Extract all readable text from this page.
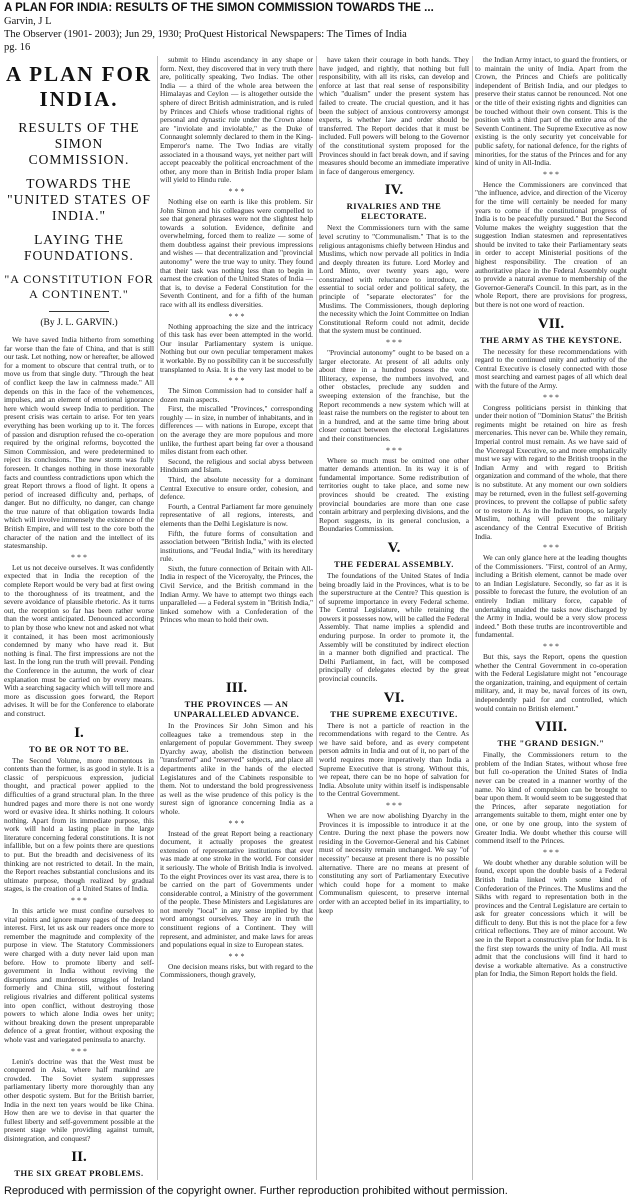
A PLAN FOR INDIA: RESULTS OF THE SIMON COMMISSION TOWARDS THE ...
Garvin, J L
The Observer (1901- 2003); Jun 29, 1930; ProQuest Historical Newspapers: The Times of India
pg. 16
A PLAN FOR INDIA.
RESULTS OF THE SIMON COMMISSION.
TOWARDS THE "UNITED STATES OF INDIA."
LAYING THE FOUNDATIONS.
"A CONSTITUTION FOR A CONTINENT."
(By J. L. GARVIN.)

We have saved India hitherto from something far worse than the fate of China, and that is still our task. Let nothing, now or hereafter, be allowed for a moment to obscure that central truth, or to move us from that single duty. "Through the heat of conflict keep the law in calmness made." All depends on this in the face of the vehemences, impulses, and an element of emotional ignorance here which would sweep India to perdition. The present crisis was certain to arise. For ten years everything has been working up to it. The forces of passion and disruption refused the co-operation required by the original reforms, boycotted the Simon Commission, and were predetermined to reject its conclusions. The new storm was fully foreseen. It changes nothing in those inexorable facts and countless contradictions upon which the great Report throws a flood of light. It opens a period of increased difficulty and, perhaps, of danger. But no difficulty, no danger, can change the true nature of that obligation towards India which will involve immensely the existence of the British Empire, and will test to the core both the character of the nation and the intellect of its statesmanship.

* * *

Let us not deceive ourselves. It was confidently expected that in India the reception of the complete Report would be very bad at first owing to the thoroughness of its treatment, and the severe avoidance of plausible rhetoric. As it turns out, the reception so far has been rather worse than the worst anticipated. Denounced according to plan by those who knew not and asked not what it contained, it has been most acrimoniously condemned by many who have read it. But nothing is final. The first impressions are not the last. In the long run the truth will prevail. Pending the Conference in the autumn, the work of clear explanation must be carried on by every means. With a searching sagacity which will tell more and more as discussion goes forward, the Report advises. It will be for the Conference to elaborate and construct.

I.
TO BE OR NOT TO BE.

The Second Volume, more momentous in contents than the former, is as good in style. It is a classic of perspicuous expression, judicial thought, and practical power applied to the difficulties of a grand structural plan. In the three hundred pages and more there is not one wordy word or evasive idea. It shirks nothing. It colours nothing. Apart from its immediate purpose, this work will hold a lasting place in the large literature concerning federal constitutions. It is not infallible, but on a few points there are questions to put. But the breadth and decisiveness of its thinking are not restricted to detail. In the main, the Report reaches substantial conclusions and its ultimate purpose, though realized by gradual stages, is the creation of a United States of India.

* * *

In this article we must confine ourselves to vital points and ignore many pages of the deepest interest. First, let us ask our readers once more to remember the magnitude and complexity of the purpose in view. The Statutory Commissioners were charged with a duty never laid upon man before. How to promote liberty and self-government in India without reviving the disruptions and murderous struggles of Ireland formerly and China still, without fostering religious rivalries and different political systems into open conflict, without destroying those powers to which alone India owes her unity; without breaking down the present unpreparable defence of a great frontier, without exposing the whole vast and variegated peninsula to anarchy.

* * *

Lenin's doctrine was that the West must be conquered in Asia, where half mankind are crowded. The Soviet system suppresses parliamentary liberty more thoroughly than any other despotic system. But for the British barrier, India in the next ten years would be like China. How then are we to devise in that quarter the fullest liberty and self-government possible at the present stage while providing against tumult, disintegration, and conquest?

II.
THE SIX GREAT PROBLEMS.

submit to Hindu ascendancy in any shape or form. Next, they discovered that in very truth there are, politically speaking, Two Indias. The other India — a third of the whole area between the Himalayas and Ceylon — is altogether outside the sphere of direct British administration, and is ruled by Princes and Chiefs whose traditional rights of personal and dynastic rule under the Crown alone are "inviolate and inviolable," as the Duke of Connaught solemnly declared to them in the King-Emperor's name. The Two Indias are vitally associated in a thousand ways, yet neither part will accept peaceably the political encroachment of the other, any more than in British India proper Islam will yield to Hindu rule.

* * *

Nothing else on earth is like this problem. Sir John Simon and his colleagues were compelled to see that general phrases were not the slightest help towards a solution. Evidence, definite and overwhelming, forced them to realize — some of them doubtless against their previous impressions and wishes — that decentralization and "provincial autonomy" were the true way to unity. They found that their task was nothing less than to begin in earnest the creation of the United States of India — that is, to devise a Federal Constitution for the Seventh Continent, and for a fifth of the human race with all its endless diversities.

* * *

Nothing approaching the size and the intricacy of this task has ever been attempted in the world. Our insular Parliamentary system is unique. Nothing but our own peculiar temperament makes it workable. By no possibility can it be successfully transplanted to Asia. It is the very last model to be

* * *

The Simon Commission had to consider half a dozen main aspects.

First, the miscalled "Provinces," corresponding roughly — in size, in number of inhabitants, and in differences — with nations in Europe, except that on the average they are more populous and more unlike, the furthest apart being far over a thousand miles distant from each other.

Second, the religious and social abyss between Hinduism and Islam.

Third, the absolute necessity for a dominant Central Executive to ensure order, cohesion, and defence.

Fourth, a Central Parliament far more genuinely representative of all regions, interests, and elements than the Delhi Legislature is now.

Fifth, the future forms of consultation and association between "British India," with its elected institutions, and "Feudal India," with its hereditary rule.

Sixth, the future connection of Britain with All-India in respect of the Viceroyalty, the Princes, the Civil Service, and the British command in the Indian Army. We have to attempt two things each unparalleled — a Federal system in "British India," linked somehow with a Confederation of the Princes who mean to hold their own.

III.
THE PROVINCES — AN UNPARALLELED ADVANCE.

In the Provinces Sir John Simon and his colleagues take a tremendous step in the enlargement of popular Government. They sweep Dyarchy away, abolish the distinction between "transferred" and "reserved" subjects, and place all departments alike in the hands of the elected Legislatures and of the Cabinets responsible to them. Not to understand the bold progressiveness as well as the wise prudence of this policy is the surest sign of ignorance concerning India as a whole.

* * *

Instead of the great Report being a reactionary document, it actually proposes the greatest extension of representative institutions that ever was made at one stroke in the world. For consider it seriously. The whole of British India is involved. To the eight Provinces over its vast area, there is to be carried on the part of Governments under considerable control, a Ministry of the government of the people. These Ministers and Legislatures are not merely "local" in any sense implied by that word amongst ourselves. They are in truth the constituent regions of a Continent. They will represent, and administer, and make laws for areas and populations equal in size to European states.

* * *

One decision means risks, but with regard to the Commissioners, though gravely,

have taken their courage in both hands. They have judged, and rightly, that nothing but full responsibility, with all its risks, can develop and enforce at last that real sense of responsibility which "dualism" under the present system has failed to create. The crucial question, and it has been the subject of anxious controversy amongst experts, is whether law and order should be transferred. The Report decides that it must be included. Full powers will belong to the Governor of the constitutional system proposed for the Provinces should in fact break down, and if saving measures should become an immediate imperative in face of dangerous emergency.

IV.
RIVALRIES AND THE ELECTORATE.

Next the Commissioners turn with the same level scrutiny to "Communalism." That is to the religious antagonisms chiefly between Hindus and Muslims, which now pervade all politics in India and deeply threaten its future. Lord Morley and Lord Minto, over twenty years ago, were constrained with reluctance to introduce, as essential to social order and political safety, the principle of "separate electorates" for the Muslims. The Commissioners, though deploring the necessity which the Joint Committee on Indian Constitutional Reform could not admit, decide that the system must be continued.

* * *

"Provincial autonomy" ought to be based on a larger electorate. At present of all adults only about three in a hundred possess the vote. Illiteracy, expense, the numbers involved, and other obstacles, preclude any sudden and sweeping extension of the franchise, but the Report recommends a new system which will at least raise the numbers on the register to about ten in a hundred, and at the same time bring about closer contact between the electoral Legislatures and their constituencies.

* * *

Where so much must be omitted one other matter demands attention. In its way it is of fundamental importance. Some redistribution of territories ought to take place, and some new provinces should be created. The existing provincial boundaries are more than one case contain arbitrary and perplexing divisions, and the Report suggests, in its general conclusion, a Boundaries Commission.

V.
THE FEDERAL ASSEMBLY.

The foundations of the United States of India being broadly laid in the Provinces, what is to be the superstructure at the Centre? This question is of supreme importance in every Federal scheme. The Central Legislature, while retaining the powers it possesses now, will be called the Federal Assembly. That name implies a splendid and enduring purpose. In order to promote it, the Assembly will be constituted by indirect election in a manner both dignified and practical. The Delhi Parliament, in fact, will be composed principally of delegates elected by the great provincial councils.

VI.
THE SUPREME EXECUTIVE.

There is not a particle of reaction in the recommendations with regard to the Centre. As we have said before, and as every competent person admits in India and out of it, no part of the world requires more imperatively than India a Supreme Executive that is strong. Without this, we repeat, there can be no hope of salvation for India. Absolute unity within itself is indispensable to the Central Government.

* * *

When we are now abolishing Dyarchy in the Provinces it is impossible to introduce it at the Centre. During the next phase the powers now residing in the Governor-General and his Cabinet must of necessity remain unchanged. We say "of necessity" because at present there is no possible alternative. There are no means at present of constituting any sort of Parliamentary Executive which could hope for a moment to make Communalism quiescent, to preserve internal order with an accepted belief in its impartiality, to keep

the Indian Army intact, to guard the frontiers, or to maintain the unity of India. Apart from the Crown, the Princes and Chiefs are politically independent of British India, and our pledges to preserve their status cannot be renounced. Not one or the title of their existing rights and dignities can be touched without their own consent. This is the position with a third part of the entire area of the Seventh Continent. The Supreme Executive as now existing is the only security yet conceivable for public safety, for national defence, for the rights of minorities, for the status of the Princes and for any kind of unity in All-India.

* * *

Hence the Commissioners are convinced that "the influence, advice, and direction of the Viceroy for the time will certainly be needed for many years to come if the constitutional progress of India is to be peacefully pursued." But the Second Volume makes the weighty suggestion that the suggestion Indian statesmen and representatives should be invited to take their Parliamentary seats in order to accept Ministerial positions of the highest responsibility. The creation of an authoritative place in the Federal Assembly ought to provide a natural avenue to membership of the Governor-General's Council. In this part, as in the whole Report, there are provisions for progress, but there is not one word of reaction.

VII.
THE ARMY AS THE KEYSTONE.

The necessity for these recommendations with regard to the continued unity and authority of the Central Executive is closely connected with those most searching and earnest pages of all which deal with the future of the Army.

* * *

Congress politicians persist in thinking that under their notion of "Dominion Status" the British regiments might be retained on hire as fresh mercenaries. This never can be. While they remain, Imperial control must remain. As we have said of the Viceregal Executive, so and more emphatically must we say with regard to the British troops in the Indian Army and with regard to British organization and command of the whole, that there is no substitute. At any moment our own soldiers may be returned, even in the fullest self-governing provinces, to prevent the collapse of public safety or to restore it. As in the Indian troops, so largely Muslim, nothing will prevent the military ascendancy of the Central Executive of British India.

* * *

We can only glance here at the leading thoughts of the Commissioners. "First, control of an Army, including a British element, cannot be made over to an Indian Legislature. Secondly, so far as it is possible to forecast the future, the evolution of an entirely Indian military force, capable of undertaking unaided the tasks now discharged by the Army in India, would be a very slow process indeed." Both these truths are incontrovertible and fundamental.

* * *

But this, says the Report, opens the question whether the Central Government in co-operation with the Federal Legislature might not "encourage the organization, training, and equipment of certain military, and, it may be, naval forces of its own, independently paid for and controlled, which would contain no British element."

VIII.
THE "GRAND DESIGN."

Finally, the Commissioners return to the problem of the Indian States, without whose free but full co-operation the United States of India never can be created in a manner worthy of the name. No kind of compulsion can be brought to bear upon them. It would seem to be suggested that the Princes, after separate negotiation for arrangements suitable to them, might enter one by one, or one by one group, into the system of Greater India. We doubt whether this course will commend itself to the Princes.

* * *

We doubt whether any durable solution will be found, except upon the double basis of a Federal British India linked with some kind of Confederation of the Princes. The Muslims and the Sikhs with regard to representation both in the provinces and the Central Legislature are certain to ask for greater concessions which it will be difficult to deny. But this is not the place for a few critical reflections. They are of minor account. We see in the Report a constructive plan for India. It is the first step towards the unity of India. All must admit that the conclusions will find it hard to devise a workable alternative. As a constructive plan for India, the Simon Report holds the field.

Reproduced with permission of the copyright owner. Further reproduction prohibited without permission.
